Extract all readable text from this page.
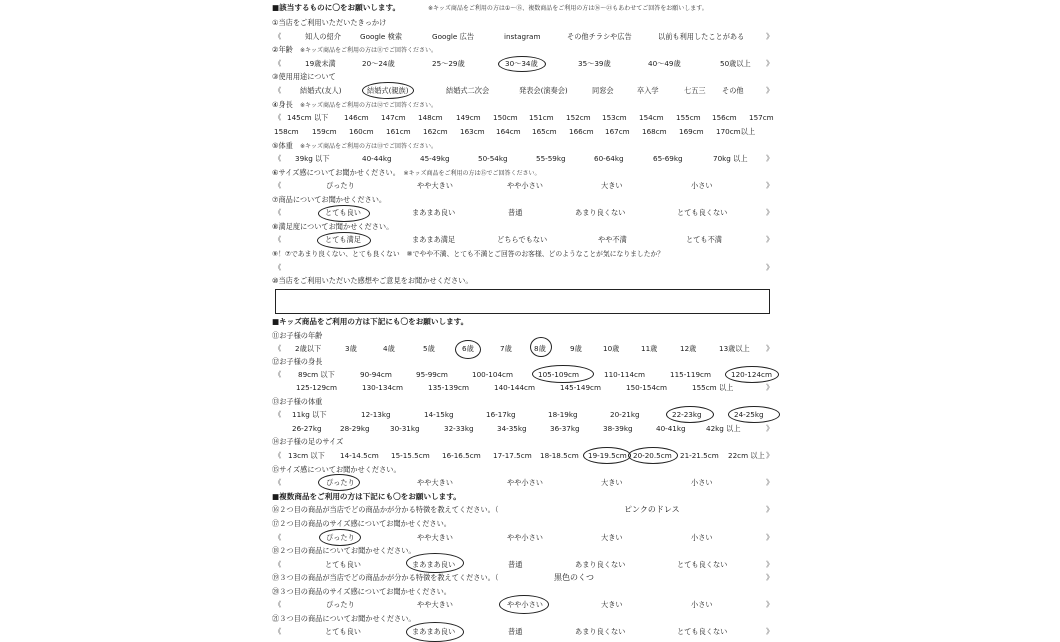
■該当するものに〇をお願いします。	※キッズ商品をご利用の方は①〜⑮、複数商品をご利用の方は⑯〜㉑もあわせてご回答をお願いします。
①当店をご利用いただいたきっかけ
《	知人の紹介	Google 検索	Google 広告	instagram	その他チラシや広告	以前も利用したことがある	》
②年齢　 ※キッズ商品をご利用の方は⑪でご回答ください。
《	19歳未満	20〜24歳	25〜29歳	30〜34歳	35〜39歳	40〜49歳	50歳以上 》
③使用用途について
《	結婚式(友人)	結婚式(親族)	結婚式二次会	発表会(演奏会)	同窓会	卒入学	七五三 その他	》
④身長　 ※キッズ商品をご利用の方は⑫でご回答ください。
《 145cm 以下 146cm 147cm 148cm 149cm 150cm 151cm 152cm 153cm 154cm 155cm 156cm 157cm
158cm 159cm 160cm 161cm 162cm 163cm 164cm 165cm 166cm 167cm 168cm 169cm 170cm以上
⑤体重　 ※キッズ商品をご利用の方は⑬でご回答ください。
《 39kg 以下	40-44kg	45-49kg	50-54kg	55-59kg	60-64kg	65-69kg	70kg 以上 》
⑥サイズ感についてお聞かせください。　 ※キッズ商品をご利用の方は⑮でご回答ください。
《	ぴったり	やや大きい	やや小さい	大きい	小さい	》
⑦商品についてお聞かせください。
《	とても良い	まあまあ良い	普通	あまり良くない	とても良くない	》
⑧満足度についてお聞かせください。
《	とても満足	まあまあ満足	どちらでもない	やや不満	とても不満	》
⑨！⑦であまり良くない、とても良くない　⑧でやや不満、とても不満とご回答のお客様、どのようなことが気になりましたか？
《	》
⑩当店をご利用いただいた感想やご意見をお聞かせください。
■キッズ商品をご利用の方は下記にも〇をお願いします。
⑪お子様の年齢
《 2歳以下	3歳	4歳	5歳	6歳	7歳	8歳	9歳	10歳	11歳	12歳	13歳以上 》
⑫お子様の身長
《 89cm 以下	90-94cm	95-99cm	100-104cm	105-109cm	110-114cm	115-119cm	120-124cm
125-129cm	130-134cm	135-139cm	140-144cm	145-149cm	150-154cm	155cm 以上	》
⑬お子様の体重
《 11kg 以下	12-13kg	14-15kg	16-17kg	18-19kg	20-21kg	22-23kg	24-25kg
26-27kg	28-29kg	30-31kg	32-33kg	34-35kg	36-37kg	38-39kg	40-41kg	42kg 以上	》
⑭お子様の足のサイズ
《 13cm 以下 14-14.5cm 15-15.5cm 16-16.5cm 17-17.5cm 18-18.5cm 19-19.5cm 20-20.5cm 21-21.5cm 22cm 以上 》
⑮サイズ感についてお聞かせください。
《	ぴったり	やや大きい	やや小さい	大きい	小さい	》
■複数商品をご利用の方は下記にも〇をお願いします。
⑯２つ目の商品が当店でどの商品かが分かる特徴を教えてください。（	ピンクのドレス	》
⑰２つ目の商品のサイズ感についてお聞かせください。
《	ぴったり	やや大きい	やや小さい	大きい	小さい	》
⑱２つ目の商品についてお聞かせください。
《	とても良い	まあまあ良い	普通	あまり良くない	とても良くない	》
⑲３つ目の商品が当店でどの商品かが分かる特徴を教えてください。（	黒色のくつ	》
⑳３つ目の商品のサイズ感についてお聞かせください。
《	ぴったり	やや大きい	やや小さい	大きい	小さい	》
㉑３つ目の商品についてお聞かせください。
《	とても良い	まあまあ良い	普通	あまり良くない	とても良くない	》
